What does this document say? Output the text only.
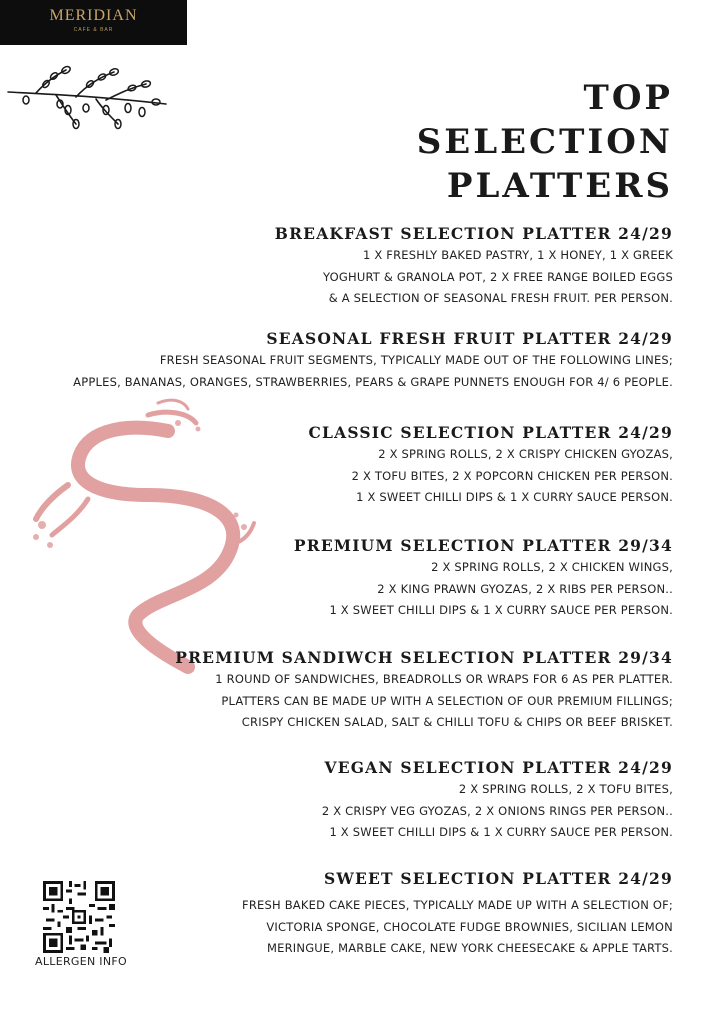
MERIDIAN
CAFE & BAR
TOP
SELECTION
PLATTERS
BREAKFAST SELECTION PLATTER 24/29
1 X FRESHLY BAKED PASTRY, 1 X HONEY, 1 X GREEK
YOGHURT & GRANOLA POT, 2 X FREE RANGE BOILED EGGS
& A SELECTION OF SEASONAL FRESH FRUIT. PER PERSON.
SEASONAL FRESH FRUIT PLATTER 24/29
FRESH SEASONAL FRUIT SEGMENTS, TYPICALLY MADE OUT OF THE FOLLOWING LINES;
APPLES, BANANAS, ORANGES, STRAWBERRIES, PEARS & GRAPE PUNNETS ENOUGH FOR 4/ 6 PEOPLE.
CLASSIC SELECTION PLATTER 24/29
2 X SPRING ROLLS, 2 X CRISPY CHICKEN GYOZAS,
2 X TOFU BITES, 2 X POPCORN CHICKEN PER PERSON.
1 X SWEET CHILLI DIPS & 1 X CURRY SAUCE PERSON.
PREMIUM SELECTION PLATTER 29/34
2 X SPRING ROLLS, 2 X CHICKEN WINGS,
2 X KING PRAWN GYOZAS, 2 X RIBS PER PERSON..
1 X SWEET CHILLI DIPS & 1 X CURRY SAUCE PER PERSON.
PREMIUM SANDIWCH SELECTION PLATTER 29/34
1 ROUND OF SANDWICHES, BREADROLLS OR WRAPS FOR 6 AS PER PLATTER.
PLATTERS CAN BE MADE UP WITH A SELECTION OF OUR PREMIUM FILLINGS;
CRISPY CHICKEN SALAD, SALT & CHILLI TOFU & CHIPS OR BEEF BRISKET.
VEGAN SELECTION PLATTER 24/29
2 X SPRING ROLLS, 2 X TOFU BITES,
2 X CRISPY VEG GYOZAS, 2 X ONIONS RINGS PER PERSON..
1 X SWEET CHILLI DIPS & 1 X CURRY SAUCE PER PERSON.
SWEET SELECTION PLATTER 24/29
FRESH BAKED CAKE PIECES, TYPICALLY MADE UP WITH A SELECTION OF;
VICTORIA SPONGE, CHOCOLATE FUDGE BROWNIES, SICILIAN LEMON
MERINGUE, MARBLE CAKE, NEW YORK CHEESECAKE & APPLE TARTS.
ALLERGEN INFO
